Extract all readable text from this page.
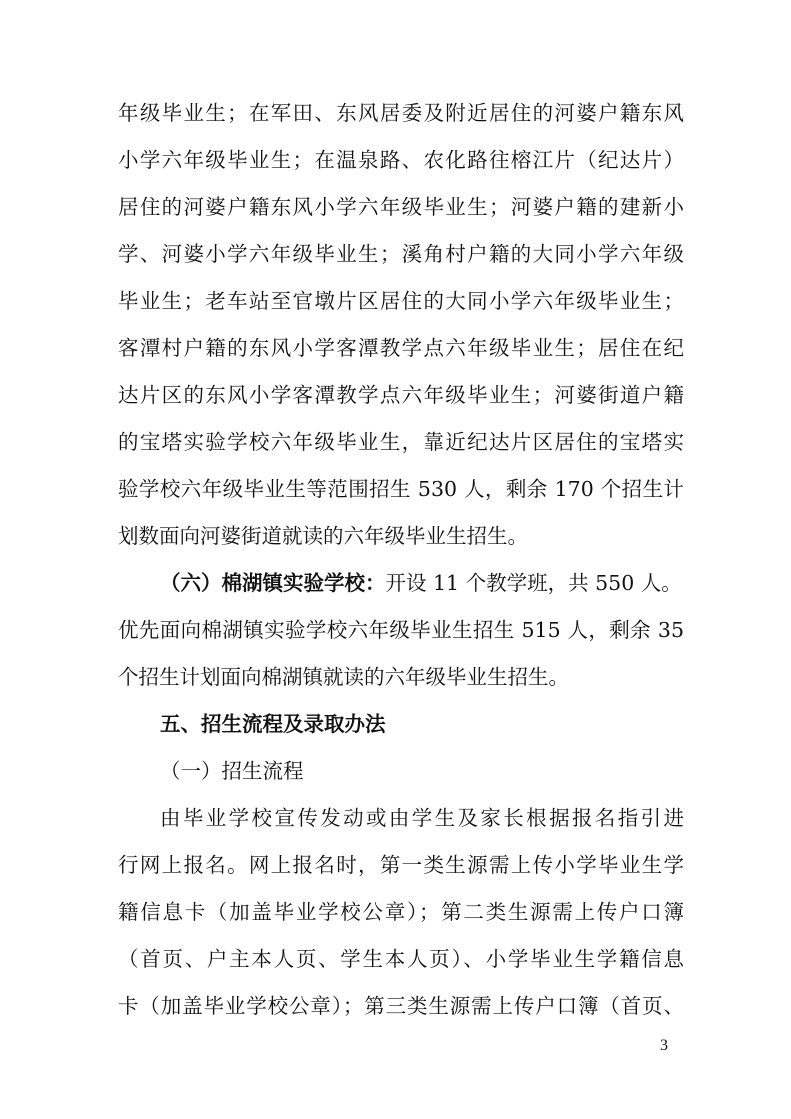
年级毕业生；在军田、东风居委及附近居住的河婆户籍东风
小学六年级毕业生；在温泉路、农化路往榕江片（纪达片）
居住的河婆户籍东风小学六年级毕业生；河婆户籍的建新小
学、河婆小学六年级毕业生；溪角村户籍的大同小学六年级
毕业生；老车站至官墩片区居住的大同小学六年级毕业生；
客潭村户籍的东风小学客潭教学点六年级毕业生；居住在纪
达片区的东风小学客潭教学点六年级毕业生；河婆街道户籍
的宝塔实验学校六年级毕业生，靠近纪达片区居住的宝塔实
验学校六年级毕业生等范围招生 530 人，剩余 170 个招生计
划数面向河婆街道就读的六年级毕业生招生。
（六）棉湖镇实验学校：开设 11 个教学班，共 550 人。
优先面向棉湖镇实验学校六年级毕业生招生 515 人，剩余 35
个招生计划面向棉湖镇就读的六年级毕业生招生。
五、招生流程及录取办法
（一）招生流程
由毕业学校宣传发动或由学生及家长根据报名指引进
行网上报名。网上报名时，第一类生源需上传小学毕业生学
籍信息卡（加盖毕业学校公章）；第二类生源需上传户口簿
（首页、户主本人页、学生本人页）、小学毕业生学籍信息
卡（加盖毕业学校公章）；第三类生源需上传户口簿（首页、
3
